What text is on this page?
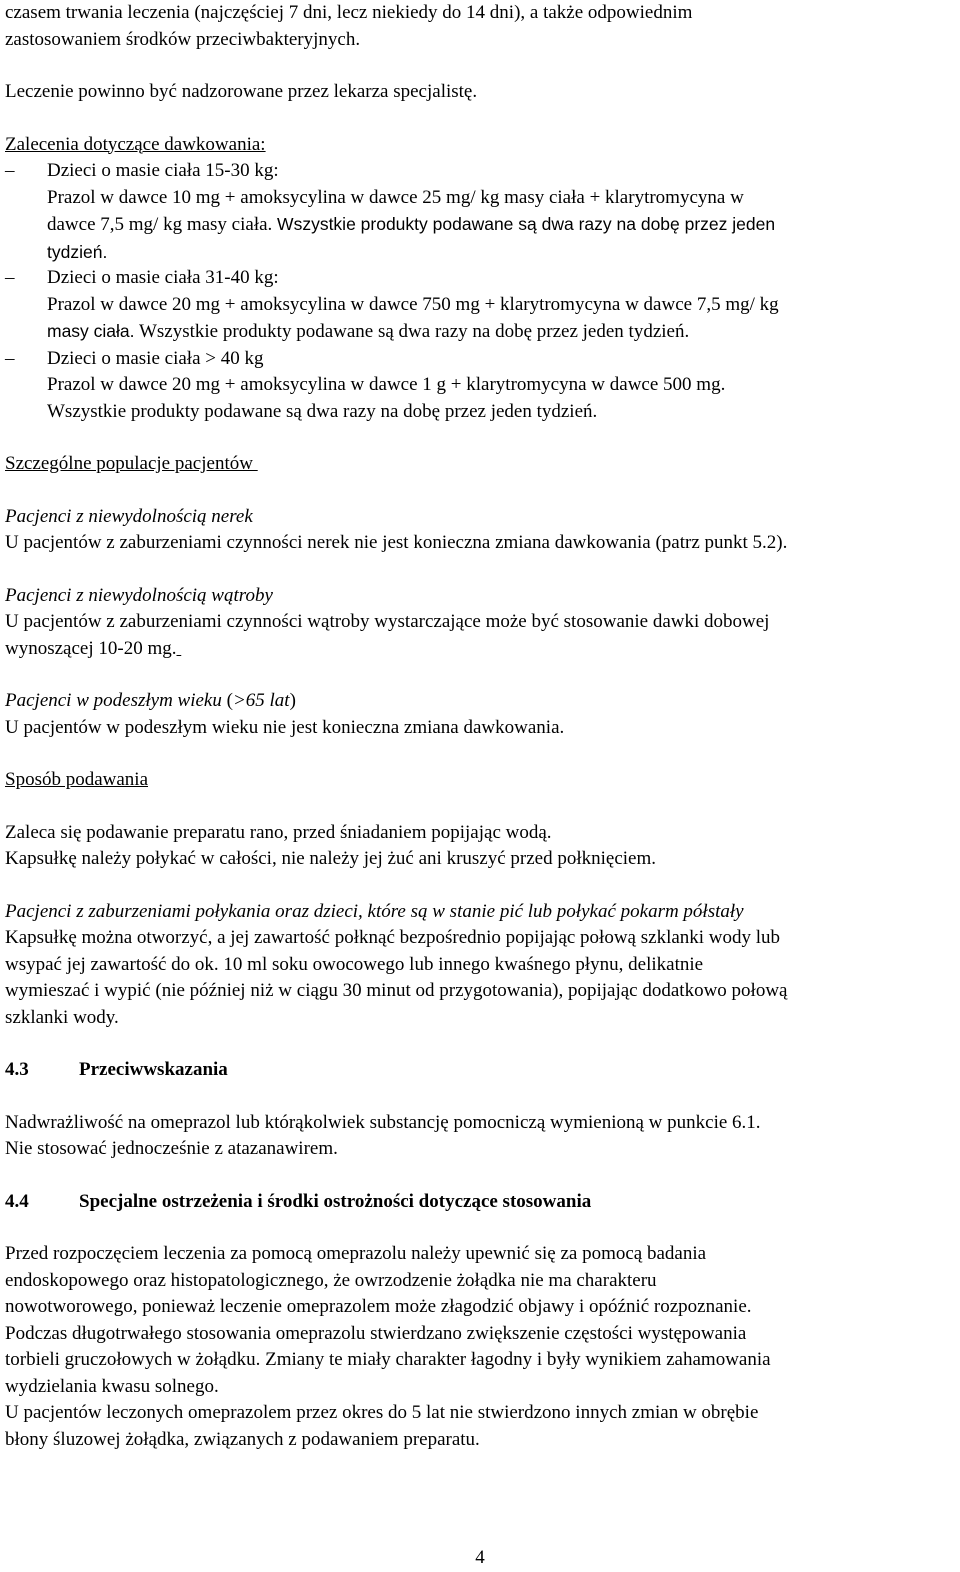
czasem trwania leczenia (najczęściej 7 dni, lecz niekiedy do 14 dni), a także odpowiednim

zastosowaniem środków przeciwbakteryjnych.

Leczenie powinno być nadzorowane przez lekarza specjalistę.

Zalecenia dotyczące dawkowania:

–	Dzieci o masie ciała 15-30 kg:

Prazol w dawce 10 mg + amoksycylina w dawce 25 mg/ kg masy ciała + klarytromycyna w

dawce 7,5 mg/ kg masy ciała. Wszystkie produkty podawane są dwa razy na dobę przez jeden

tydzień.

–	Dzieci o masie ciała 31-40 kg:

Prazol w dawce 20 mg + amoksycylina w dawce 750 mg + klarytromycyna w dawce 7,5 mg/ kg

masy ciała. Wszystkie produkty podawane są dwa razy na dobę przez jeden tydzień.

–	Dzieci o masie ciała > 40 kg

Prazol w dawce 20 mg + amoksycylina w dawce 1 g + klarytromycyna w dawce 500 mg.

Wszystkie produkty podawane są dwa razy na dobę przez jeden tydzień.

Szczególne populacje pacjentów

Pacjenci z niewydolnością nerek

U pacjentów z zaburzeniami czynności nerek nie jest konieczna zmiana dawkowania (patrz punkt 5.2).

Pacjenci z niewydolnością wątroby

U pacjentów z zaburzeniami czynności wątroby wystarczające może być stosowanie dawki dobowej

wynoszącej 10-20 mg.

Pacjenci w podeszłym wieku (>65 lat)

U pacjentów w podeszłym wieku nie jest konieczna zmiana dawkowania.

Sposób podawania

Zaleca się podawanie preparatu rano, przed śniadaniem popijając wodą.

Kapsułkę należy połykać w całości, nie należy jej żuć ani kruszyć przed połknięciem.

Pacjenci z zaburzeniami połykania oraz dzieci, które są w stanie pić lub połykać pokarm półstały

Kapsułkę można otworzyć, a jej zawartość połknąć bezpośrednio popijając połową szklanki wody lub

wsypać jej zawartość do ok. 10 ml soku owocowego lub innego kwaśnego płynu, delikatnie

wymieszać i wypić (nie później niż w ciągu 30 minut od przygotowania), popijając dodatkowo połową

szklanki wody.

4.3	Przeciwwskazania

Nadwrażliwość na omeprazol lub którąkolwiek substancję pomocniczą wymienioną w punkcie 6.1.

Nie stosować jednocześnie z atazanawirem.

4.4	Specjalne ostrzeżenia i środki ostrożności dotyczące stosowania

Przed rozpoczęciem leczenia za pomocą omeprazolu należy upewnić się za pomocą badania

endoskopowego oraz histopatologicznego, że owrzodzenie żołądka nie ma charakteru

nowotworowego, ponieważ leczenie omeprazolem może złagodzić objawy i opóźnić rozpoznanie.

Podczas długotrwałego stosowania omeprazolu stwierdzano zwiększenie częstości występowania

torbieli gruczołowych w żołądku. Zmiany te miały charakter łagodny i były wynikiem zahamowania

wydzielania kwasu solnego.

U pacjentów leczonych omeprazolem przez okres do 5 lat nie stwierdzono innych zmian w obrębie

błony śluzowej żołądka, związanych z podawaniem preparatu.

4
